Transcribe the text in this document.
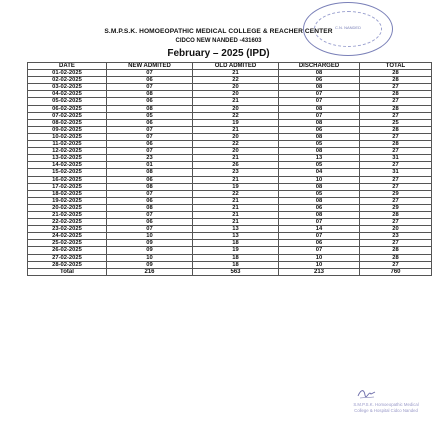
C.N. NANDED
S.M.P.S.K. HOMOEOPATHIC MEDICAL COLLEGE & REACHER CENTER
CIDCO NEW NANDED -431603
February – 2025 (IPD)
DATE	NEW ADMITED	OLD ADMITED	DISCHARGED	TOTAL
01-02-2025	07	21	08	28
02-02-2025	06	22	06	28
03-02-2025	07	20	08	27
04-02-2025	08	20	07	28
05-02-2025	06	21	07	27
06-02-2025	08	20	08	28
07-02-2025	05	22	07	27
08-02-2025	06	19	08	25
09-02-2025	07	21	06	28
10-02-2025	07	20	08	27
11-02-2025	06	22	05	28
12-02-2025	07	20	08	27
13-02-2025	23	21	13	31
14-02-2025	01	26	05	27
15-02-2025	08	23	04	31
16-02-2025	06	21	10	27
17-02-2025	08	19	08	27
18-02-2025	07	22	05	29
19-02-2025	06	21	08	27
20-02-2025	08	21	06	29
21-02-2025	07	21	08	28
22-02-2025	06	21	07	27
23-02-2025	07	13	14	20
24-02-2025	10	13	07	23
25-02-2025	09	18	06	27
26-02-2025	09	19	07	28
27-02-2025	10	18	10	28
28-02-2025	09	18	10	27
Total	216	563	213	760
S.M.P.S.K. Homoeopathic Medical
College & Hospital Cidco Nanded
